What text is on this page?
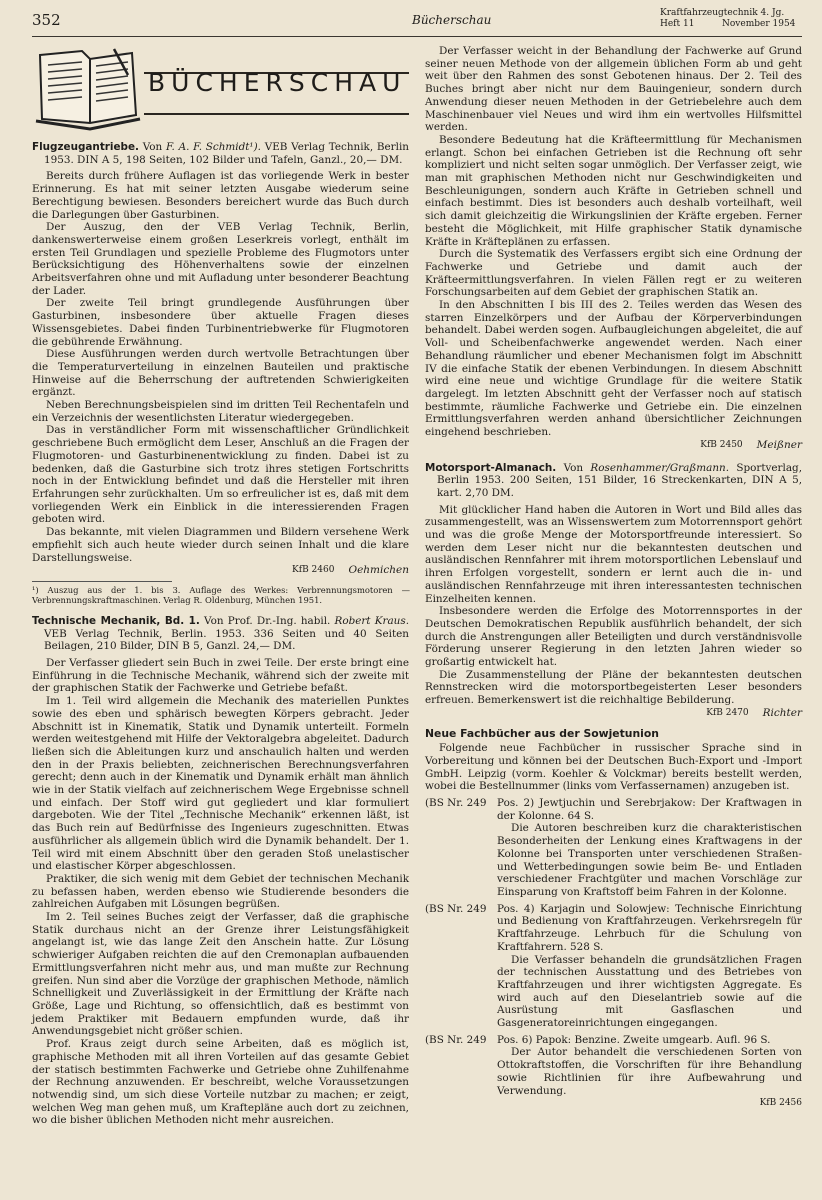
352	Bücherschau	Kraftfahrzeugtechnik 4. Jg.
Heft 11	November 1954
BÜCHERSCHAU
Flugzeugantriebe. Von F. A. F. Schmidt¹). VEB Verlag Technik, Berlin 1953. DIN A 5, 198 Seiten, 102 Bilder und Tafeln, Ganzl., 20,— DM.

Bereits durch frühere Auflagen ist das vorliegende Werk in bester Erinnerung. Es hat mit seiner letzten Ausgabe wiederum seine Berechtigung bewiesen. Besonders bereichert wurde das Buch durch die Darlegungen über Gasturbinen.

Der Auszug, den der VEB Verlag Technik, Berlin, dankenswerterweise einem großen Leserkreis vorlegt, enthält im ersten Teil Grundlagen und spezielle Probleme des Flugmotors unter Berücksichtigung des Höhenverhaltens sowie der einzelnen Arbeitsverfahren ohne und mit Aufladung unter besonderer Beachtung der Lader.

Der zweite Teil bringt grundlegende Ausführungen über Gasturbinen, insbesondere über aktuelle Fragen dieses Wissensgebietes. Dabei finden Turbinentriebwerke für Flugmotoren die gebührende Erwähnung.

Diese Ausführungen werden durch wertvolle Betrachtungen über die Temperaturverteilung in einzelnen Bauteilen und praktische Hinweise auf die Beherrschung der auftretenden Schwierigkeiten ergänzt.

Neben Berechnungsbeispielen sind im dritten Teil Rechentafeln und ein Verzeichnis der wesentlichsten Literatur wiedergegeben.

Das in verständlicher Form mit wissenschaftlicher Gründlichkeit geschriebene Buch ermöglicht dem Leser, Anschluß an die Fragen der Flugmotoren- und Gasturbinenentwicklung zu finden. Dabei ist zu bedenken, daß die Gasturbine sich trotz ihres stetigen Fortschritts noch in der Entwicklung befindet und daß die Hersteller mit ihren Erfahrungen sehr zurückhalten. Um so erfreulicher ist es, daß mit dem vorliegenden Werk ein Einblick in die interessierenden Fragen geboten wird.

Das bekannte, mit vielen Diagrammen und Bildern versehene Werk empfiehlt sich auch heute wieder durch seinen Inhalt und die klare Darstellungsweise.

KfB 2460 Oehmichen
¹) Auszug aus der 1. bis 3. Auflage des Werkes: Verbrennungsmotoren — Verbrennungskraftmaschinen. Verlag R. Oldenburg, München 1951.
Technische Mechanik, Bd. 1. Von Prof. Dr.-Ing. habil. Robert Kraus. VEB Verlag Technik, Berlin. 1953. 336 Seiten und 40 Seiten Beilagen, 210 Bilder, DIN B 5, Ganzl. 24,— DM.

Der Verfasser gliedert sein Buch in zwei Teile. Der erste bringt eine Einführung in die Technische Mechanik, während sich der zweite mit der graphischen Statik der Fachwerke und Getriebe befaßt.

Im 1. Teil wird allgemein die Mechanik des materiellen Punktes sowie des eben und sphärisch bewegten Körpers gebracht. Jeder Abschnitt ist in Kinematik, Statik und Dynamik unterteilt. Formeln werden weitestgehend mit Hilfe der Vektoralgebra abgeleitet. Dadurch ließen sich die Ableitungen kurz und anschaulich halten und werden den in der Praxis beliebten, zeichnerischen Berechnungsverfahren gerecht; denn auch in der Kinematik und Dynamik erhält man ähnlich wie in der Statik vielfach auf zeichnerischem Wege Ergebnisse schnell und einfach. Der Stoff wird gut gegliedert und klar formuliert dargeboten. Wie der Titel „Technische Mechanik“ erkennen läßt, ist das Buch rein auf Bedürfnisse des Ingenieurs zugeschnitten. Etwas ausführlicher als allgemein üblich wird die Dynamik behandelt. Der 1. Teil wird mit einem Abschnitt über den geraden Stoß unelastischer und elastischer Körper abgeschlossen.

Praktiker, die sich wenig mit dem Gebiet der technischen Mechanik zu befassen haben, werden ebenso wie Studierende besonders die zahlreichen Aufgaben mit Lösungen begrüßen.

Im 2. Teil seines Buches zeigt der Verfasser, daß die graphische Statik durchaus nicht an der Grenze ihrer Leistungsfähigkeit angelangt ist, wie das lange Zeit den Anschein hatte. Zur Lösung schwieriger Aufgaben reichten die auf den Cremonaplan aufbauenden Ermittlungsverfahren nicht mehr aus, und man mußte zur Rechnung greifen. Nun sind aber die Vorzüge der graphischen Methode, nämlich Schnelligkeit und Zuverlässigkeit in der Ermittlung der Kräfte nach Größe, Lage und Richtung, so offensichtlich, daß es bestimmt von jedem Praktiker mit Bedauern empfunden wurde, daß ihr Anwendungsgebiet nicht größer schien.

Prof. Kraus zeigt durch seine Arbeiten, daß es möglich ist, graphische Methoden mit all ihren Vorteilen auf das gesamte Gebiet der statisch bestimmten Fachwerke und Getriebe ohne Zuhilfenahme der Rechnung anzuwenden. Er beschreibt, welche Voraussetzungen notwendig sind, um sich diese Vorteile nutzbar zu machen; er zeigt, welchen Weg man gehen muß, um Kraftepläne auch dort zu zeichnen, wo die bisher üblichen Methoden nicht mehr ausreichen.

Der Verfasser weicht in der Behandlung der Fachwerke auf Grund seiner neuen Methode von der allgemein üblichen Form ab und geht weit über den Rahmen des sonst Gebotenen hinaus. Der 2. Teil des Buches bringt aber nicht nur dem Bauingenieur, sondern durch Anwendung dieser neuen Methoden in der Getriebelehre auch dem Maschinenbauer viel Neues und wird ihm ein wertvolles Hilfsmittel werden.

Besondere Bedeutung hat die Kräfteermittlung für Mechanismen erlangt. Schon bei einfachen Getrieben ist die Rechnung oft sehr kompliziert und nicht selten sogar unmöglich. Der Verfasser zeigt, wie man mit graphischen Methoden nicht nur Geschwindigkeiten und Beschleunigungen, sondern auch Kräfte in Getrieben schnell und einfach bestimmt. Dies ist besonders auch deshalb vorteilhaft, weil sich damit gleichzeitig die Wirkungslinien der Kräfte ergeben. Ferner besteht die Möglichkeit, mit Hilfe graphischer Statik dynamische Kräfte in Kräfteplänen zu erfassen.

Durch die Systematik des Verfassers ergibt sich eine Ordnung der Fachwerke und Getriebe und damit auch der Kräfteermittlungsverfahren. In vielen Fällen regt er zu weiteren Forschungsarbeiten auf dem Gebiet der graphischen Statik an.

In den Abschnitten I bis III des 2. Teiles werden das Wesen des starren Einzelkörpers und der Aufbau der Körperverbindungen behandelt. Dabei werden sogen. Aufbaugleichungen abgeleitet, die auf Voll- und Scheibenfachwerke angewendet werden. Nach einer Behandlung räumlicher und ebener Mechanismen folgt im Abschnitt IV die einfache Statik der ebenen Verbindungen. In diesem Abschnitt wird eine neue und wichtige Grundlage für die weitere Statik dargelegt. Im letzten Abschnitt geht der Verfasser noch auf statisch bestimmte, räumliche Fachwerke und Getriebe ein. Die einzelnen Ermittlungsverfahren werden anhand übersichtlicher Zeichnungen eingehend beschrieben.

KfB 2450 Meißner
Motorsport-Almanach. Von Rosenhammer/Graßmann. Sportverlag, Berlin 1953. 200 Seiten, 151 Bilder, 16 Streckenkarten, DIN A 5, kart. 2,70 DM.

Mit glücklicher Hand haben die Autoren in Wort und Bild alles das zusammengestellt, was an Wissenswertem zum Motorrennsport gehört und was die große Menge der Motorsportfreunde interessiert. So werden dem Leser nicht nur die bekanntesten deutschen und ausländischen Rennfahrer mit ihrem motorsportlichen Lebenslauf und ihren Erfolgen vorgestellt, sondern er lernt auch die in- und ausländischen Rennfahrzeuge mit ihren interessantesten technischen Einzelheiten kennen.

Insbesondere werden die Erfolge des Motorrennsportes in der Deutschen Demokratischen Republik ausführlich behandelt, der sich durch die Anstrengungen aller Beteiligten und durch verständnisvolle Förderung unserer Regierung in den letzten Jahren wieder so großartig entwickelt hat.

Die Zusammenstellung der Pläne der bekanntesten deutschen Rennstrecken wird die motorsportbegeisterten Leser besonders erfreuen. Bemerkenswert ist die reichhaltige Bebilderung.

KfB 2470 Richter
Neue Fachbücher aus der Sowjetunion

Folgende neue Fachbücher in russischer Sprache sind in Vorbereitung und können bei der Deutschen Buch-Export und -Import GmbH. Leipzig (vorm. Koehler & Volckmar) bereits bestellt werden, wobei die Bestellnummer (links vom Verfassernamen) anzugeben ist.

(BS Nr. 249	Pos. 2) Jewtjuchin und Serebrjakow: Der Kraftwagen in der Kolonne. 64 S.
Die Autoren beschreiben kurz die charakteristischen Besonderheiten der Lenkung eines Kraftwagens in der Kolonne bei Transporten unter verschiedenen Straßen- und Wetterbedingungen sowie beim Be- und Entladen verschiedener Frachtgüter und machen Vorschläge zur Einsparung von Kraftstoff beim Fahren in der Kolonne.
(BS Nr. 249	Pos. 4) Karjagin und Solowjew: Technische Einrichtung und Bedienung von Kraftfahrzeugen. Verkehrsregeln für Kraftfahrzeuge. Lehrbuch für die Schulung von Kraftfahrern. 528 S.
Die Verfasser behandeln die grundsätzlichen Fragen der technischen Ausstattung und des Betriebes von Kraftfahrzeugen und ihrer wichtigsten Aggregate. Es wird auch auf den Dieselantrieb sowie auf die Ausrüstung mit Gasflaschen und Gasgeneratoreinrichtungen eingegangen.
(BS Nr. 249	Pos. 6) Papok: Benzine. Zweite umgearb. Aufl. 96 S.
Der Autor behandelt die verschiedenen Sorten von Ottokraftstoffen, die Vorschriften für ihre Behandlung sowie Richtlinien für ihre Aufbewahrung und Verwendung.
KfB 2456
